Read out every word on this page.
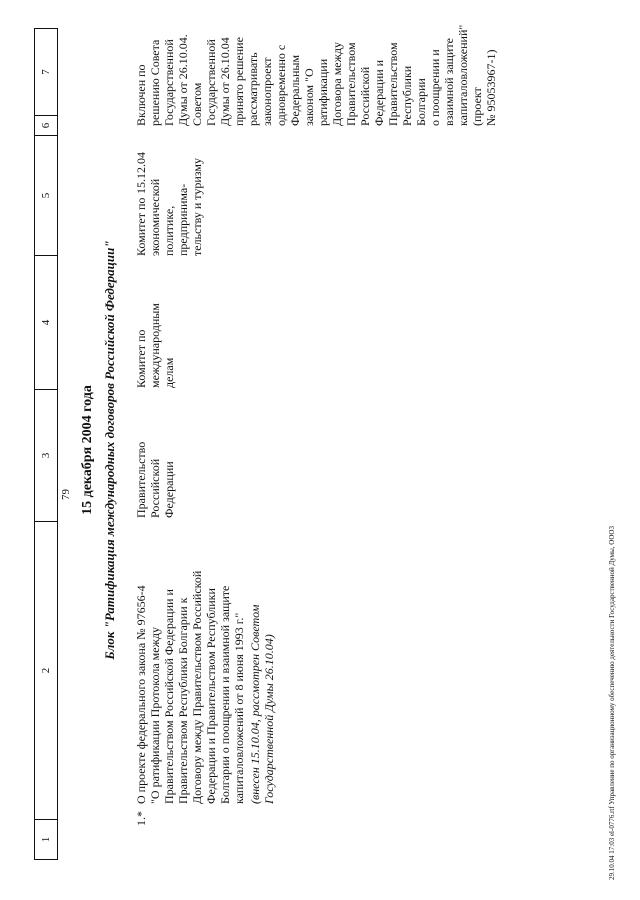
1
2
3
4
5
6
7
79 15 декабря 2004 года Блок "Ратификация международных договоров Российской Федерации"
1.*
О проекте федерального закона № 97656-4
"О ратификации Протокола между
Правительством Российской Федерации и
Правительством Республики Болгарии к
Договору между Правительством Российской
Федерации и Правительством Республики
Болгарии о поощрении и взаимной защите
капиталовложений от 8 июня 1993 г."
(внесен 15.10.04, рассмотрен Советом
Государственной Думы 26.10.04)
Правительство
Российской
Федерации
Комитет по
международным
делам
Комитет по
экономической
политике,
предпринима-
тельству и туризму
15.12.04
Включен по
решению Совета
Государственной
Думы от 26.10.04.
Советом
Государственной
Думы от 26.10.04
принято решение
рассматривать
законопроект
одновременно с
Федеральным
законом "О
ратификации
Договора между
Правительством
Российской
Федерации и
Правительством
Республики Болгарии
о поощрении и
взаимной защите
капиталовложений"
(проект
№ 95053967-1)
29.10.04 17:03 el-0776.rtf Управление по организационному обеспечению деятельности Государственной Думы, ООО3
